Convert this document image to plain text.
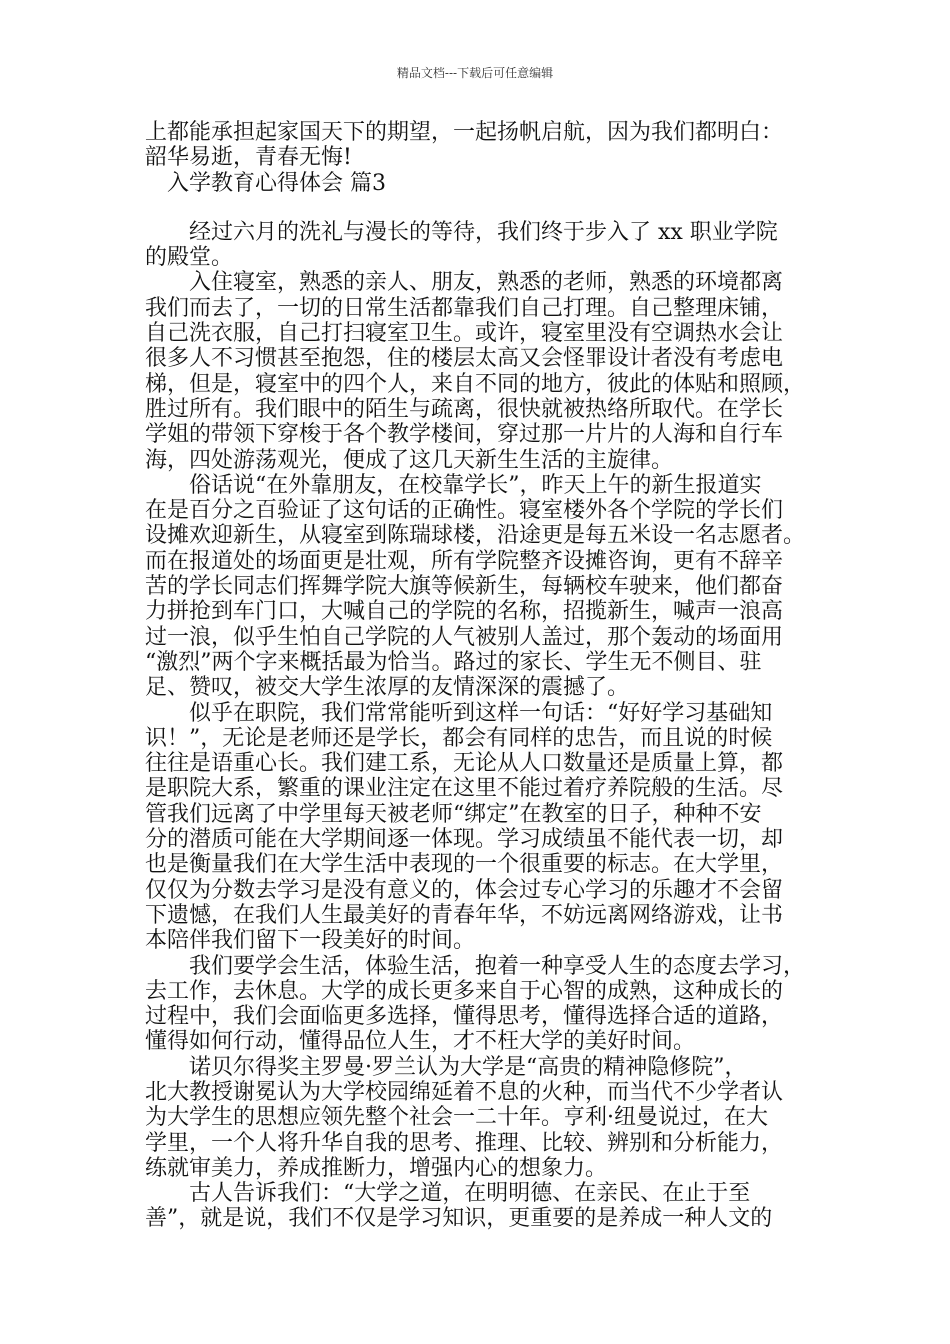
精品文档---下载后可任意编辑

上都能承担起家国天下的期望，一起扬帆启航，因为我们都明白：

韶华易逝，青春无悔!

入学教育心得体会 篇3

经过六月的洗礼与漫长的等待，我们终于步入了 xx 职业学院

的殿堂。

入住寝室，熟悉的亲人、朋友，熟悉的老师，熟悉的环境都离

我们而去了，一切的日常生活都靠我们自己打理。自己整理床铺，

自己洗衣服，自己打扫寝室卫生。或许，寝室里没有空调热水会让

很多人不习惯甚至抱怨，住的楼层太高又会怪罪设计者没有考虑电

梯，但是，寝室中的四个人，来自不同的地方，彼此的体贴和照顾，

胜过所有。我们眼中的陌生与疏离，很快就被热络所取代。在学长

学姐的带领下穿梭于各个教学楼间，穿过那一片片的人海和自行车

海，四处游荡观光，便成了这几天新生生活的主旋律。

俗话说“在外靠朋友，在校靠学长”，昨天上午的新生报道实

在是百分之百验证了这句话的正确性。寝室楼外各个学院的学长们

设摊欢迎新生，从寝室到陈瑞球楼，沿途更是每五米设一名志愿者。

而在报道处的场面更是壮观，所有学院整齐设摊咨询，更有不辞辛

苦的学长同志们挥舞学院大旗等候新生，每辆校车驶来，他们都奋

力拼抢到车门口，大喊自己的学院的名称，招揽新生，喊声一浪高

过一浪，似乎生怕自己学院的人气被别人盖过，那个轰动的场面用

“激烈”两个字来概括最为恰当。路过的家长、学生无不侧目、驻

足、赞叹，被交大学生浓厚的友情深深的震撼了。

似乎在职院，我们常常能听到这样一句话：“好好学习基础知

识！”，无论是老师还是学长，都会有同样的忠告，而且说的时候

往往是语重心长。我们建工系，无论从人口数量还是质量上算，都

是职院大系，繁重的课业注定在这里不能过着疗养院般的生活。尽

管我们远离了中学里每天被老师“绑定”在教室的日子，种种不安

分的潜质可能在大学期间逐一体现。学习成绩虽不能代表一切，却

也是衡量我们在大学生活中表现的一个很重要的标志。在大学里，

仅仅为分数去学习是没有意义的，体会过专心学习的乐趣才不会留

下遗憾，在我们人生最美好的青春年华，不妨远离网络游戏，让书

本陪伴我们留下一段美好的时间。

我们要学会生活，体验生活，抱着一种享受人生的态度去学习，

去工作，去休息。大学的成长更多来自于心智的成熟，这种成长的

过程中，我们会面临更多选择，懂得思考，懂得选择合适的道路，

懂得如何行动，懂得品位人生，才不枉大学的美好时间。

诺贝尔得奖主罗曼·罗兰认为大学是“高贵的精神隐修院”，

北大教授谢冕认为大学校园绵延着不息的火种，而当代不少学者认

为大学生的思想应领先整个社会一二十年。亨利·纽曼说过，在大

学里，一个人将升华自我的思考、推理、比较、辨别和分析能力，

练就审美力，养成推断力，增强内心的想象力。

古人告诉我们：“大学之道，在明明德、在亲民、在止于至

善”，就是说，我们不仅是学习知识，更重要的是养成一种人文的
